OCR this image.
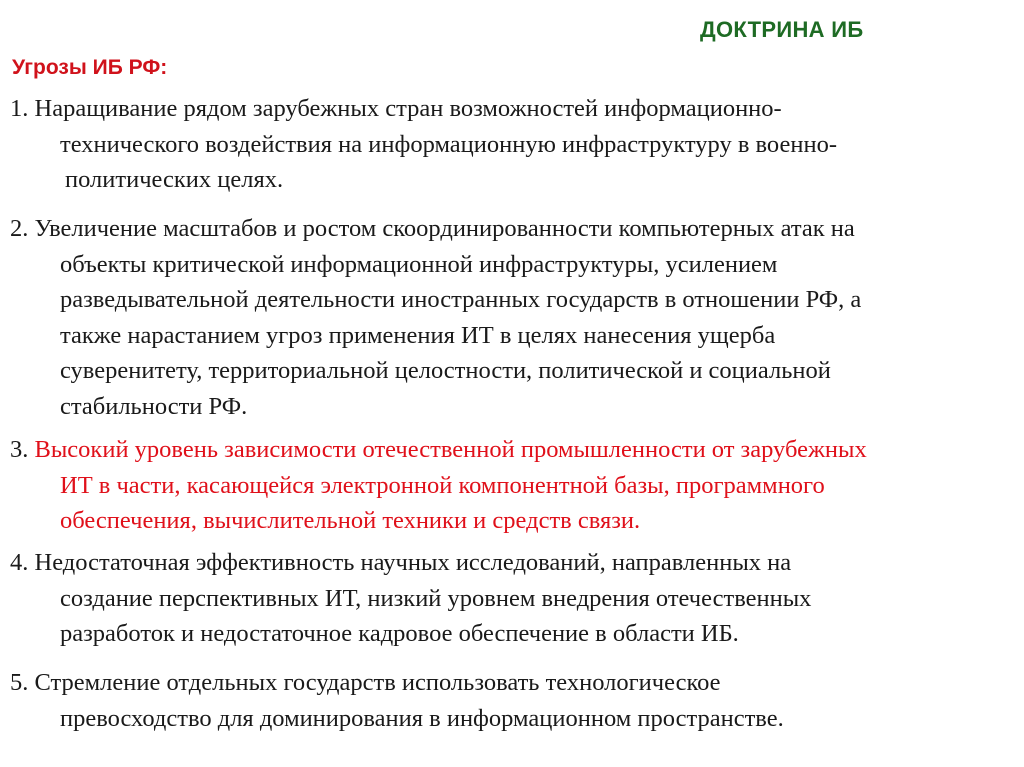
ДОКТРИНА ИБ
Угрозы ИБ РФ:
1. Наращивание рядом зарубежных стран возможностей информационно-
технического воздействия на информационную инфраструктуру в военно-
политических целях.
2. Увеличение масштабов и ростом скоординированности компьютерных атак на
объекты критической информационной инфраструктуры, усилением
разведывательной деятельности иностранных государств в отношении РФ, а
также нарастанием угроз применения ИТ в целях нанесения ущерба
суверенитету, территориальной целостности, политической и социальной
стабильности РФ.
3. Высокий уровень зависимости отечественной промышленности от зарубежных
ИТ в части, касающейся электронной компонентной базы, программного
обеспечения, вычислительной техники и средств связи.
4. Недостаточная эффективность научных исследований, направленных на
создание перспективных ИТ, низкий уровнем внедрения отечественных
разработок и недостаточное кадровое обеспечение в области ИБ.
5. Стремление отдельных государств использовать технологическое
превосходство для доминирования в информационном пространстве.
